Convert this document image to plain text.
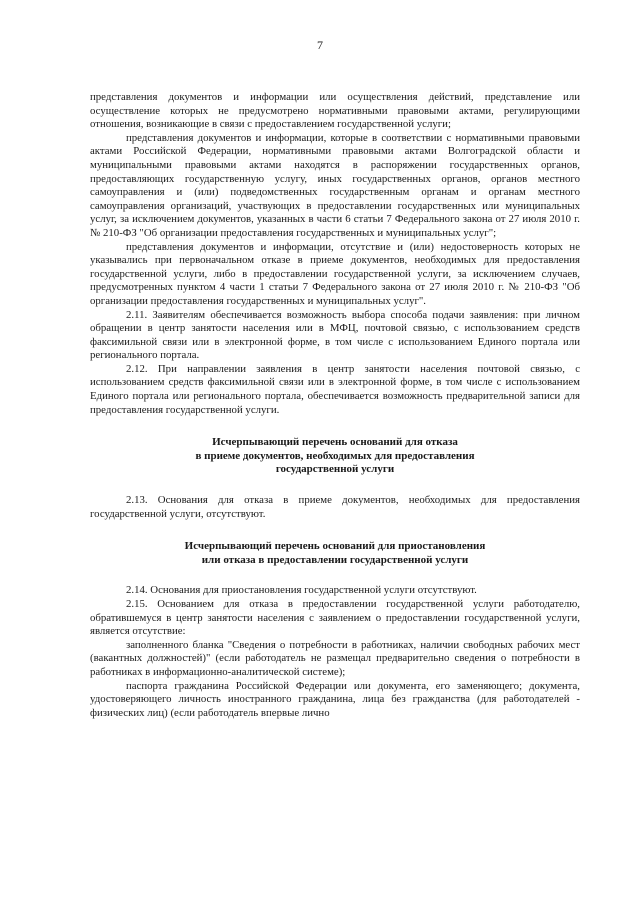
7

представления документов и информации или осуществления действий, представление или осуществление которых не предусмотрено нормативными правовыми актами, регулирующими отношения, возникающие в связи с предоставлением государственной услуги;

представления документов и информации, которые в соответствии с нормативными правовыми актами Российской Федерации, нормативными правовыми актами Волгоградской области и муниципальными правовыми актами находятся в распоряжении государственных органов, предоставляющих государственную услугу, иных государственных органов, органов местного самоуправления и (или) подведомственных государственным органам и органам местного самоуправления организаций, участвующих в предоставлении государственных или муниципальных услуг, за исключением документов, указанных в части 6 статьи 7 Федерального закона от 27 июля 2010 г. № 210-ФЗ "Об организации предоставления государственных и муниципальных услуг";

представления документов и информации, отсутствие и (или) недостоверность которых не указывались при первоначальном отказе в приеме документов, необходимых для предоставления государственной услуги, либо в предоставлении государственной услуги, за исключением случаев, предусмотренных пунктом 4 части 1 статьи 7 Федерального закона от 27 июля 2010 г. № 210-ФЗ "Об организации предоставления государственных и муниципальных услуг".

2.11. Заявителям обеспечивается возможность выбора способа подачи заявления: при личном обращении в центр занятости населения или в МФЦ, почтовой связью, с использованием средств факсимильной связи или в электронной форме, в том числе с использованием Единого портала или регионального портала.

2.12. При направлении заявления в центр занятости населения почтовой связью, с использованием средств факсимильной связи или в электронной форме, в том числе с использованием Единого портала или регионального портала, обеспечивается возможность предварительной записи для предоставления государственной услуги.

Исчерпывающий перечень оснований для отказа
в приеме документов, необходимых для предоставления
государственной услуги

2.13. Основания для отказа в приеме документов, необходимых для предоставления государственной услуги, отсутствуют.

Исчерпывающий перечень оснований для приостановления
или отказа в предоставлении государственной услуги

2.14. Основания для приостановления государственной услуги отсутствуют.

2.15. Основанием для отказа в предоставлении государственной услуги работодателю, обратившемуся в центр занятости населения с заявлением о предоставлении государственной услуги, является отсутствие:

заполненного бланка "Сведения о потребности в работниках, наличии свободных рабочих мест (вакантных должностей)" (если работодатель не размещал предварительно сведения о потребности в работниках в информационно-аналитической системе);

паспорта гражданина Российской Федерации или документа, его заменяющего; документа, удостоверяющего личность иностранного гражданина, лица без гражданства (для работодателей - физических лиц) (если работодатель впервые лично
